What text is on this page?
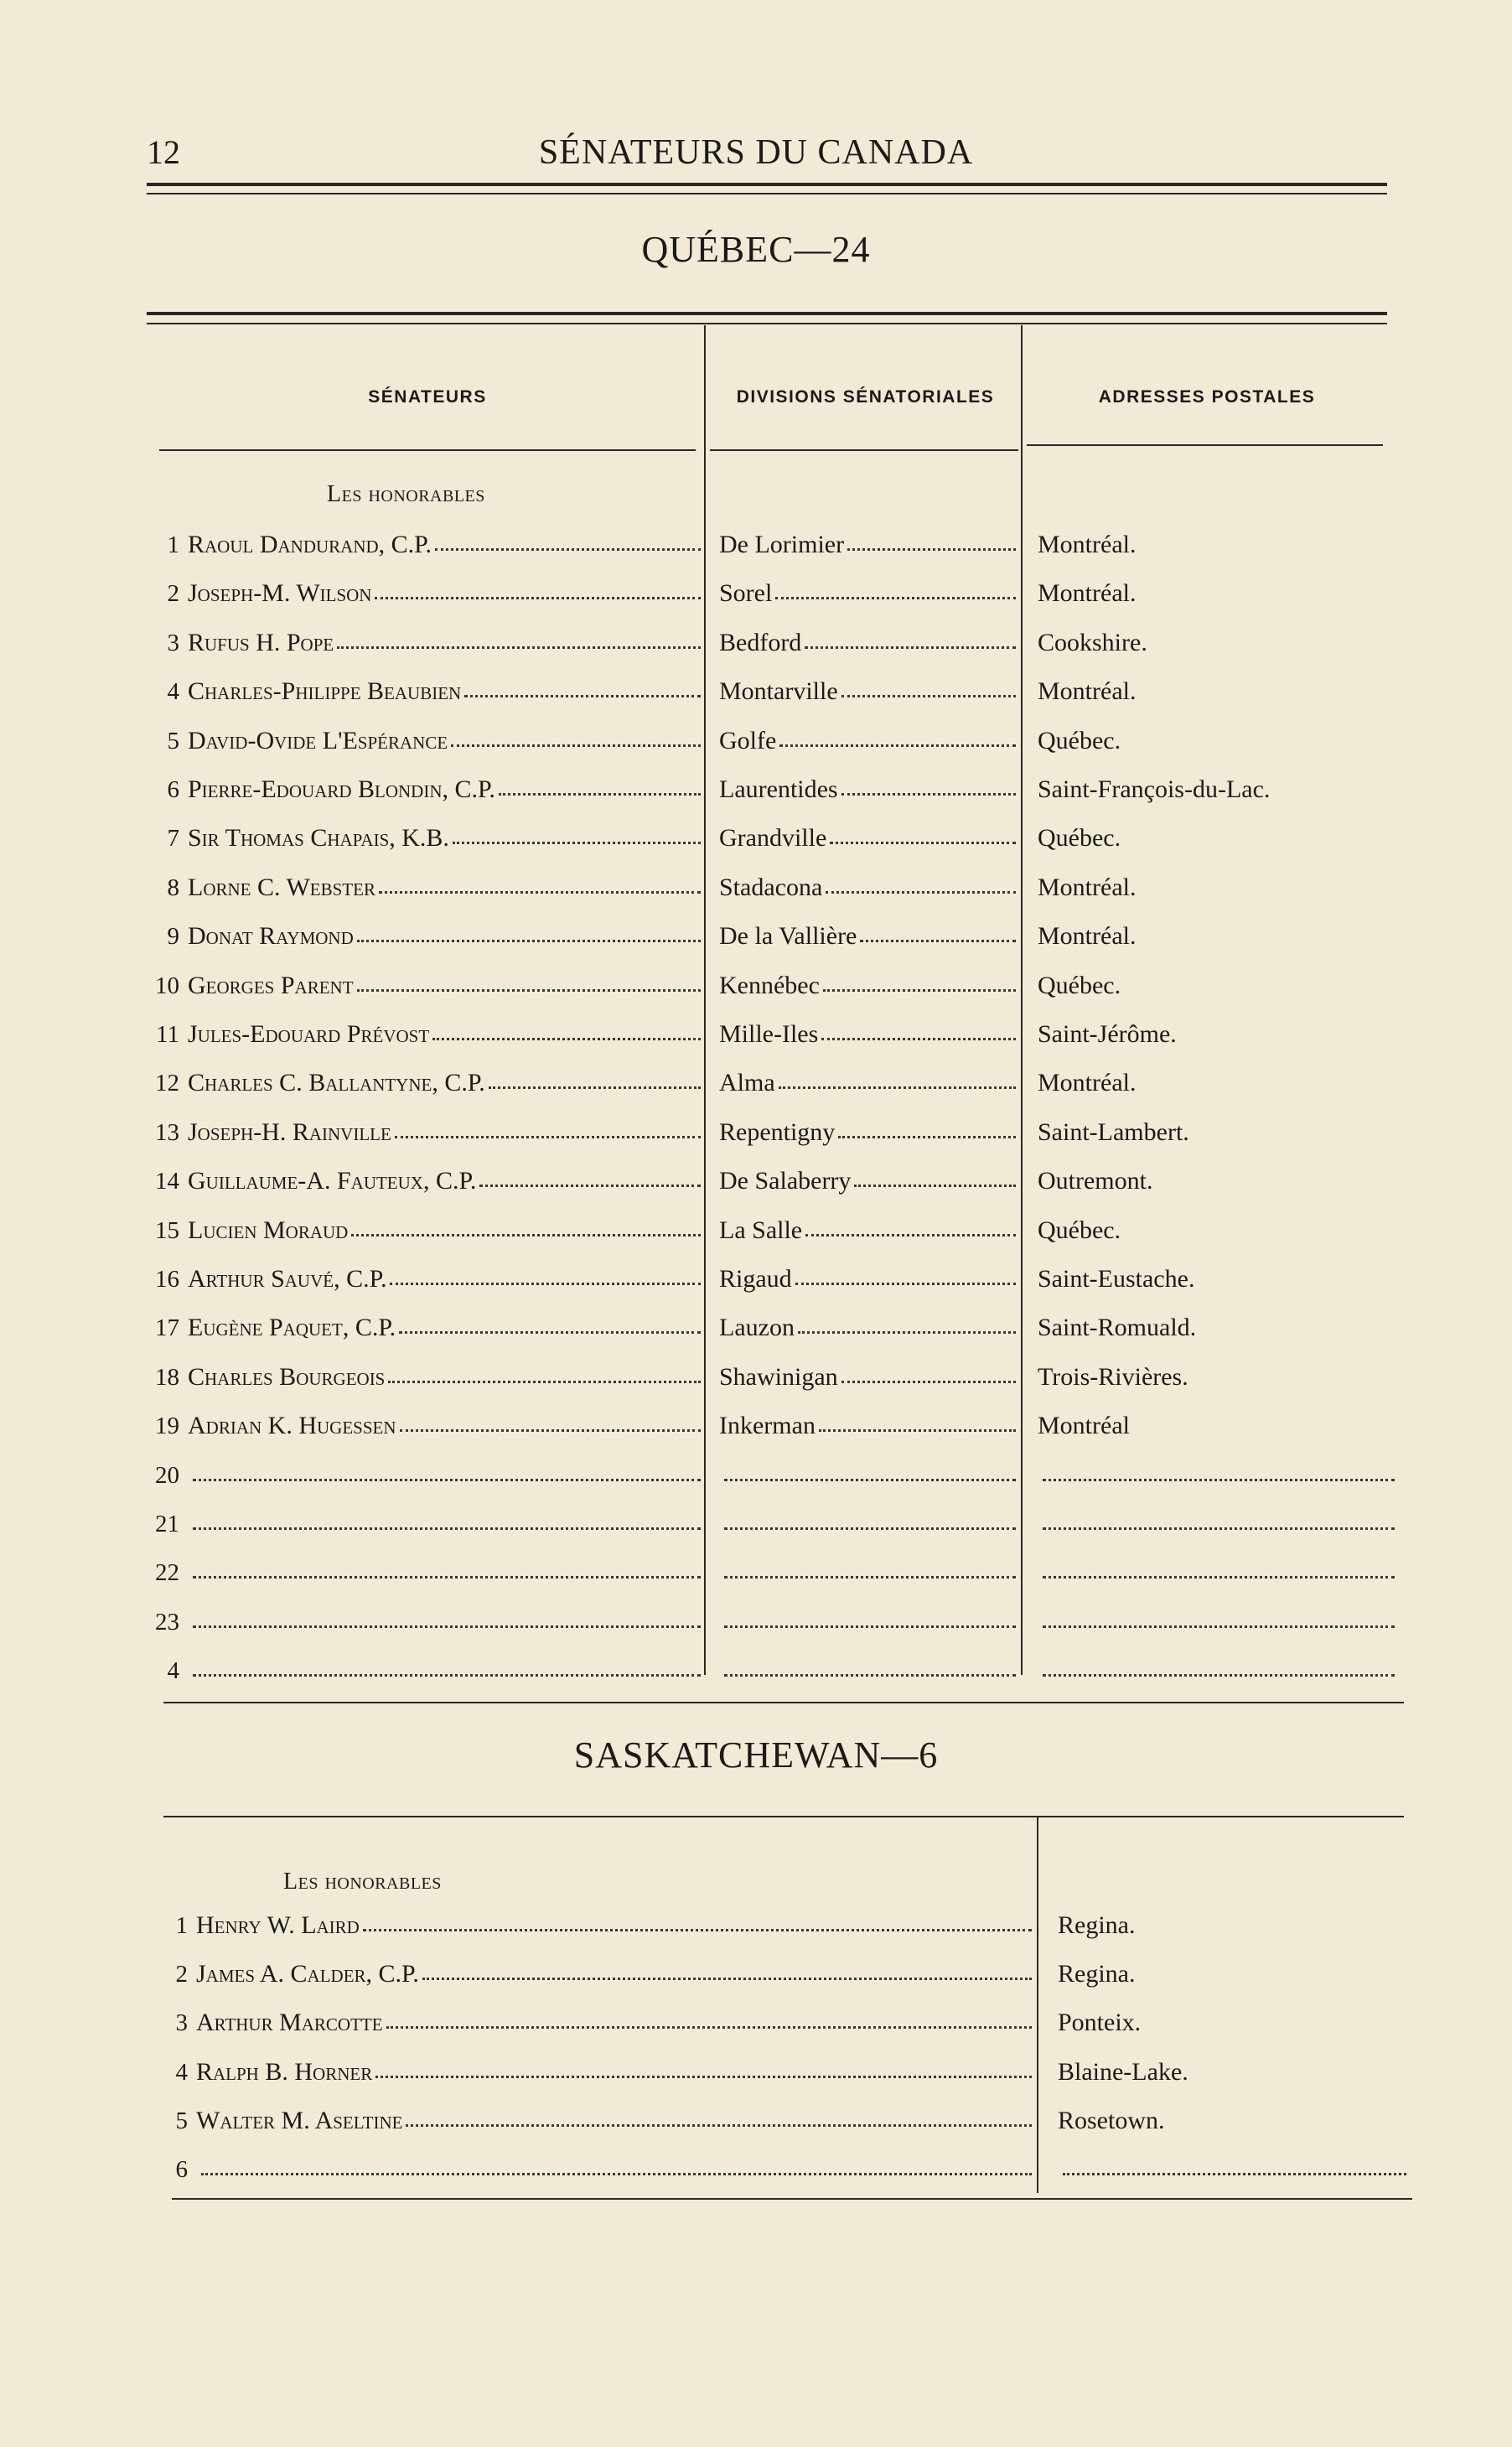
12	SÉNATEURS DU CANADA
QUÉBEC—24
SÉNATEURS	DIVISIONS SÉNATORIALES	ADRESSES POSTALES
Les honorables
1 Raoul Dandurand, C.P.	De Lorimier	Montréal.
2 Joseph-M. Wilson	Sorel	Montréal.
3 Rufus H. Pope	Bedford	Cookshire.
4 Charles-Philippe Beaubien	Montarville	Montréal.
5 David-Ovide L'Espérance	Golfe	Québec.
6 Pierre-Edouard Blondin, C.P.	Laurentides	Saint-François-du-Lac.
7 Sir Thomas Chapais, K.B.	Grandville	Québec.
8 Lorne C. Webster	Stadacona	Montréal.
9 Donat Raymond	De la Vallière	Montréal.
10 Georges Parent	Kennébec	Québec.
11 Jules-Edouard Prévost	Mille-Iles	Saint-Jérôme.
12 Charles C. Ballantyne, C.P.	Alma	Montréal.
13 Joseph-H. Rainville	Repentigny	Saint-Lambert.
14 Guillaume-A. Fauteux, C.P.	De Salaberry	Outremont.
15 Lucien Moraud	La Salle	Québec.
16 Arthur Sauvé, C.P.	Rigaud	Saint-Eustache.
17 Eugène Paquet, C.P.	Lauzon	Saint-Romuald.
18 Charles Bourgeois	Shawinigan	Trois-Rivières.
19 Adrian K. Hugessen	Inkerman	Montréal
20
21
22
23
4
SASKATCHEWAN—6
Les honorables
1 Henry W. Laird	Regina.
2 James A. Calder, C.P.	Regina.
3 Arthur Marcotte	Ponteix.
4 Ralph B. Horner	Blaine-Lake.
5 Walter M. Aseltine	Rosetown.
6
